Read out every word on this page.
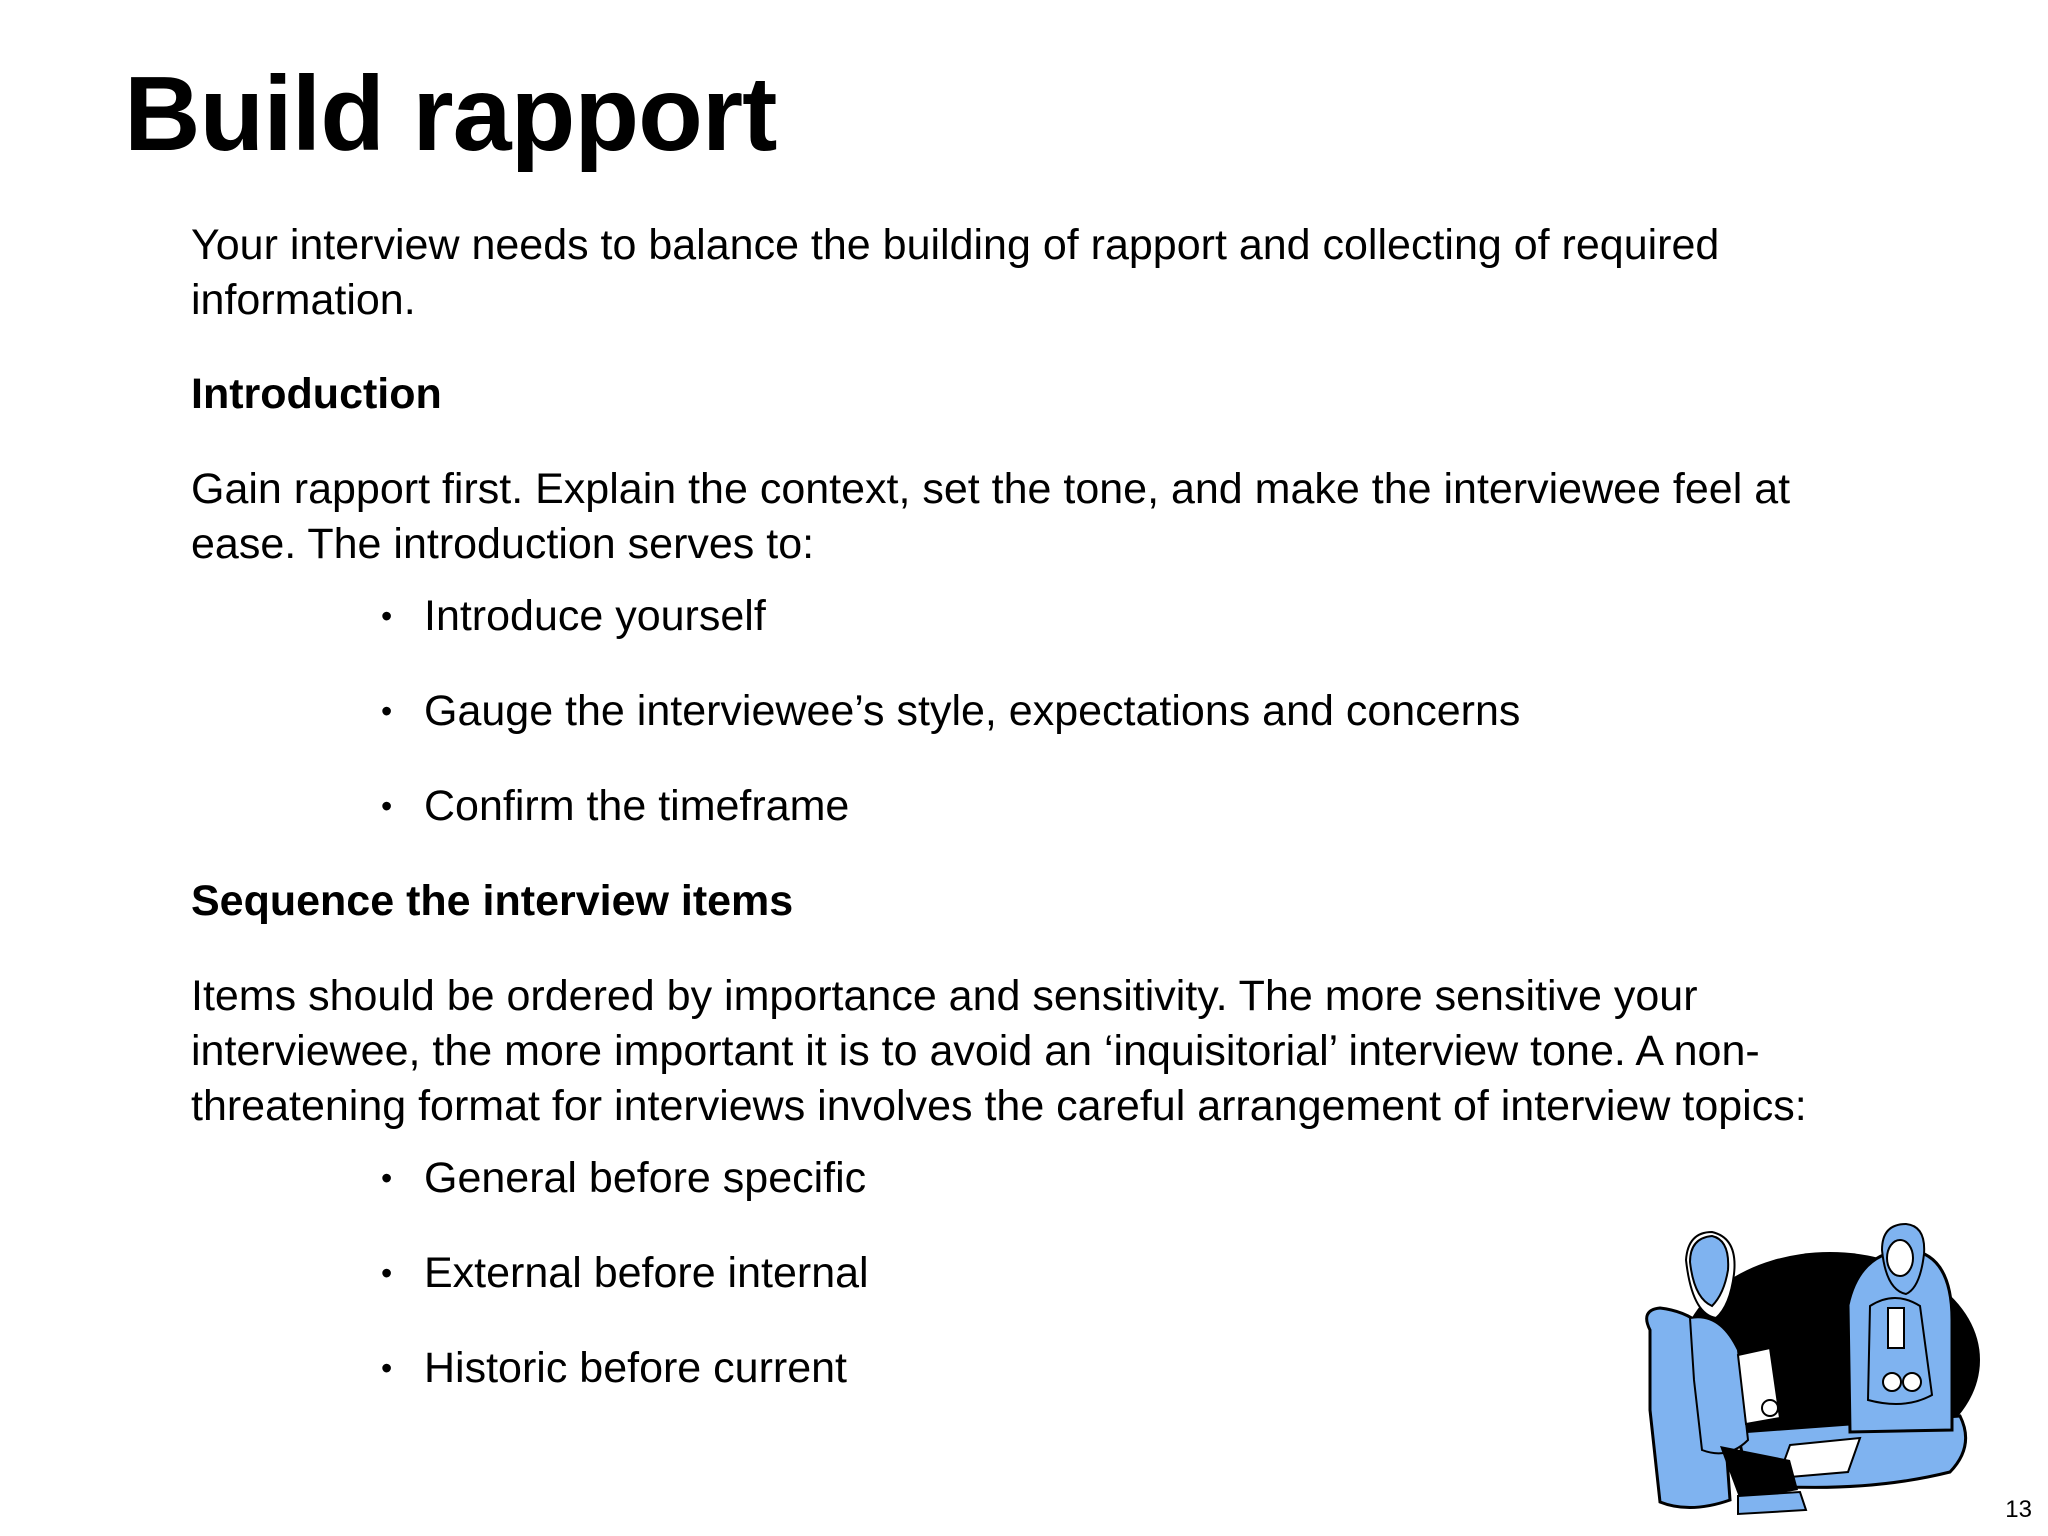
Build rapport

Your interview needs to balance the building of rapport and collecting of required information.

Introduction

Gain rapport first. Explain the context, set the tone, and make the interviewee feel at ease. The introduction serves to:

• Introduce yourself
• Gauge the interviewee’s style, expectations and concerns
• Confirm the timeframe

Sequence the interview items

Items should be ordered by importance and sensitivity. The more sensitive your interviewee, the more important it is to avoid an ‘inquisitorial’ interview tone. A non-threatening format for interviews involves the careful arrangement of interview topics:

• General before specific
• External before internal
• Historic before current
13
